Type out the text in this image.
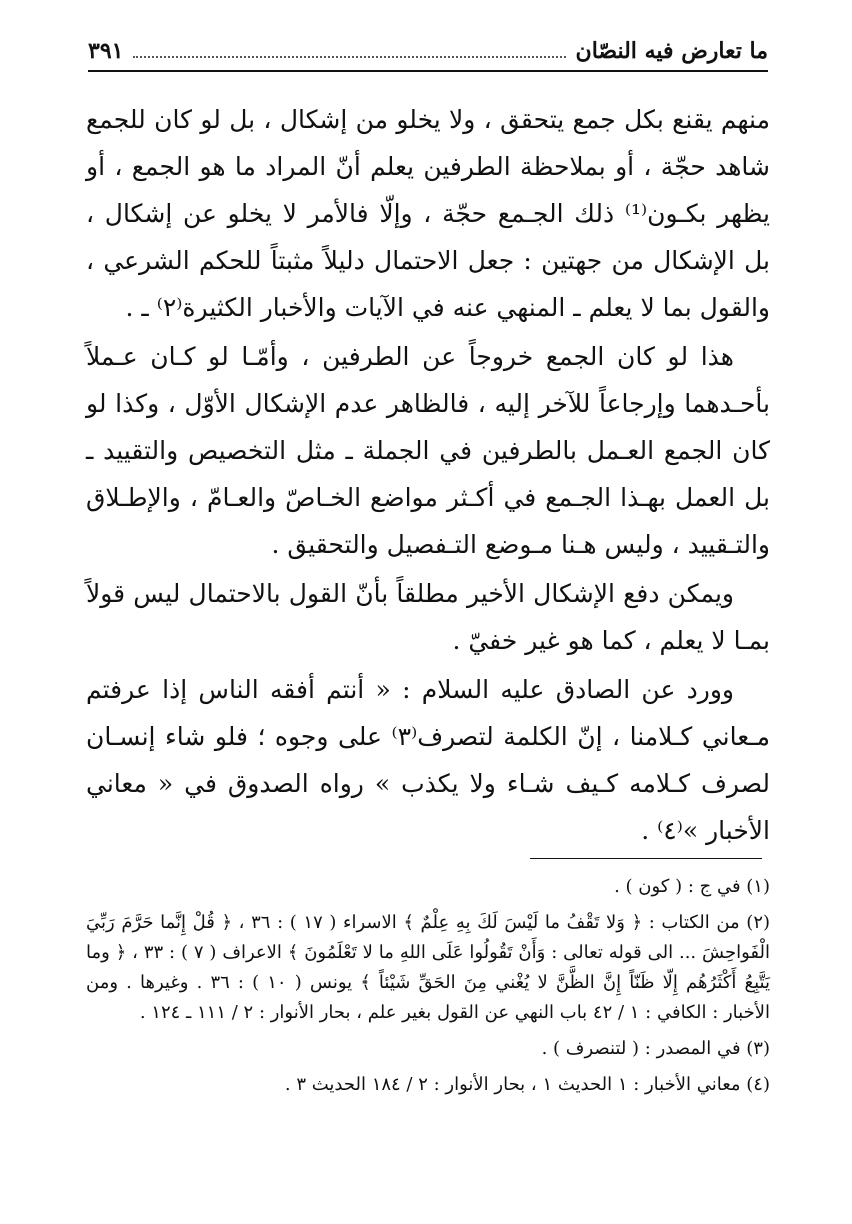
ما تعارض فيه النصّان
٣٩١

منهم يقنع بكل جمع يتحقق ، ولا يخلو من إشكال ، بل لو كان للجمع شاهد حجّة ، أو بملاحظة الطرفين يعلم أنّ المراد ما هو الجمع ، أو يظهر بكـون⁽¹⁾ ذلك الجـمع حجّة ، وإلّا فالأمر لا يخلو عن إشكال ، بل الإشكال من جهتين : جعل الاحتمال دليلاً مثبتاً للحكم الشرعي ، والقول بما لا يعلم ـ المنهي عنه في الآيات والأخبار الكثيرة⁽٢⁾ ـ .

هذا لو كان الجمع خروجاً عن الطرفين ، وأمّـا لو كـان عـملاً بأحـدهما وإرجاعاً للآخر إليه ، فالظاهر عدم الإشكال الأوّل ، وكذا لو كان الجمع العـمل بالطرفين في الجملة ـ مثل التخصيص والتقييد ـ بل العمل بهـذا الجـمع في أكـثر مواضع الخـاصّ والعـامّ ، والإطـلاق والتـقييد ، وليس هـنا مـوضع التـفصيل والتحقيق .

ويمكن دفع الإشكال الأخير مطلقاً بأنّ القول بالاحتمال ليس قولاً بمـا لا يعلم ، كما هو غير خفيّ .

وورد عن الصادق عليه السلام : « أنتم أفقه الناس إذا عرفتم مـعاني كـلامنا ، إنّ الكلمة لتصرف⁽٣⁾ على وجوه ؛ فلو شاء إنسـان لصرف كـلامه كـيف شـاء ولا يكذب » رواه الصدوق في « معاني الأخبار »⁽٤⁾ .

(١) في ج : ( كون ) .

(٢) من الكتاب : ﴿ وَلا تَقْفُ ما لَيْسَ لَكَ بِهِ عِلْمٌ ﴾ الاسراء ( ١٧ ) : ٣٦ ، ﴿ قُلْ إِنَّما حَرَّمَ رَبِّيَ الْفَواحِشَ ... الى قوله تعالى : وَأَنْ تَقُولُوا عَلَى اللهِ ما لا تَعْلَمُونَ ﴾ الاعراف ( ٧ ) : ٣٣ ، ﴿ وما يَتَّبِعُ أَكْثَرُهُم إِلّا ظَنّاً إِنَّ الظَّنَّ لا يُغْني مِنَ الحَقِّ شَيْئاً ﴾ يونس ( ١٠ ) : ٣٦ . وغيرها . ومن الأخبار : الكافي : ١ / ٤٢ باب النهي عن القول بغير علم ، بحار الأنوار : ٢ / ١١١ ـ ١٢٤ .

(٣) في المصدر : ( لتنصرف ) .

(٤) معاني الأخبار : ١ الحديث ١ ، بحار الأنوار : ٢ / ١٨٤ الحديث ٣ .
